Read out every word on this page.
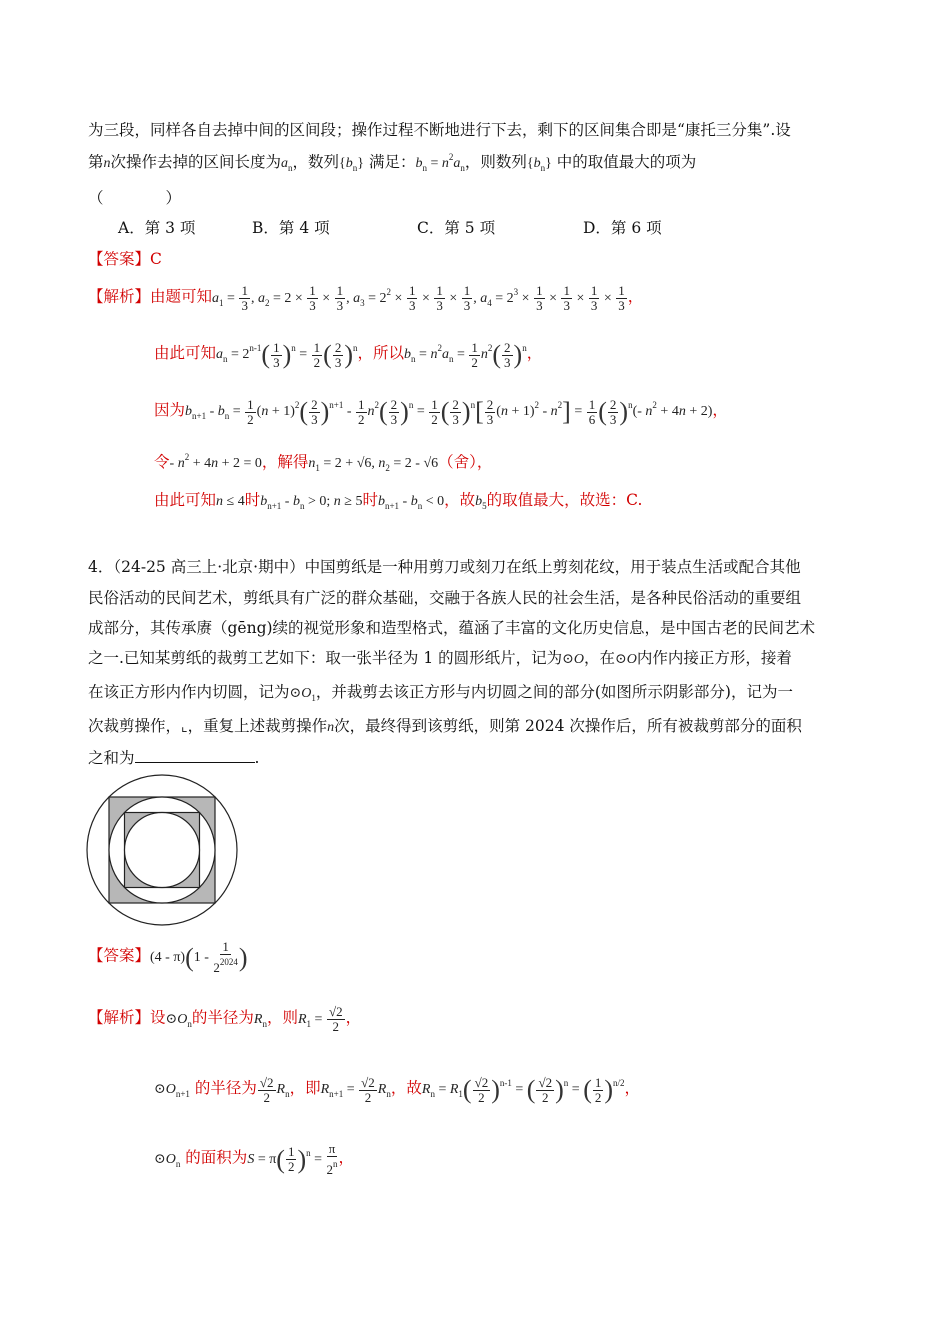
为三段，同样各自去掉中间的区间段；操作过程不断地进行下去，剩下的区间集合即是“康托三分集”.设
第n次操作去掉的区间长度为$a_n$，数列$\{b_n\}$ 满足：$b_n = n^2a_n$，则数列$\{b_n\}$ 中的取值最大的项为
（　　　　）
A．第 3 项	B．第 4 项	C．第 5 项	D．第 6 项
【答案】C
【解析】由题可知$a_1 = \frac{1}{3}$ , $a_2 = 2 \times \frac{1}{3} \times \frac{1}{3}$ , $a_3 = 2^2 \times \frac{1}{3} \times \frac{1}{3} \times \frac{1}{3}$ , $a_4 = 2^3 \times \frac{1}{3} \times \frac{1}{3} \times \frac{1}{3} \times \frac{1}{3}$ ，
由此可知$a_n = 2^{n-1}( \frac{1}{3} )^n = \frac{1}{2}$ ( $\frac{2}{3} )^n$，所以$b_n = n^2a_n = \frac{1}{2} n^2( \frac{2}{3} )^n$，
因为$b_{n+1} - b_n = \frac{1}{2} (n + 1)^2( \frac{2}{3} )^{n+1} - \frac{1}{2} n^2( \frac{2}{3} )^n = \frac{1}{2}$ ( $\frac{2}{3} )^n[ \frac{2}{3} (n + 1)^2 - n^2] = \frac{1}{6}$ ( $\frac{2}{3} )^n(-$ $n^2 + 4n + 2$)，
令- $n^2 + 4n + 2 = 0$，解得$n_1 = 2 + √6$, $n_2 = 2 - √6$（舍），
由此可知n ≤ 4时$b_{n+1} - b_n > 0$; n ≥ 5时$b_{n+1} - b_n < 0$，故$b_5$的取值最大，故选：C.
4．（24-25 高三上·北京·期中）中国剪纸是一种用剪刀或刻刀在纸上剪刻花纹，用于装点生活或配合其他
民俗活动的民间艺术，剪纸具有广泛的群众基础，交融于各族人民的社会生活，是各种民俗活动的重要组
成部分，其传承赓（gēng)续的视觉形象和造型格式，蕴涵了丰富的文化历史信息，是中国古老的民间艺术
之一.已知某剪纸的裁剪工艺如下：取一张半径为 1 的圆形纸片，记为⊙O，在⊙O内作内接正方形，接着
在该正方形内作内切圆，记为$⊙O_1$，并裁剪去该正方形与内切圆之间的部分(如图所示阴影部分)，记为一
次裁剪操作，⌞，重复上述裁剪操作n次，最终得到该剪纸，则第 2024 次操作后，所有被裁剪部分的面积
之和为	.
【答案】$(4 - \pi)(1 - \frac{1}{2^{2024}}$ )
【解析】设$⊙O_n$的半径为$R_n$，则$R_1 = \frac{√2}{2}$ ，
$⊙O_{n+1}$ 的半径为 $\frac{√2}{2} R_n$，即$R_{n+1} = \frac{√2}{2} R_n$，故$R_n = R_1( \frac{√2}{2} )^{n-1}$ = ( $\frac{√2}{2} )^n$ = ( $\frac{1}{2} )^{n/2}$，
$⊙O_n$ 的面积为$S = \pi( \frac{1}{2} )^n = \frac{\pi}{2^n}$ ，
